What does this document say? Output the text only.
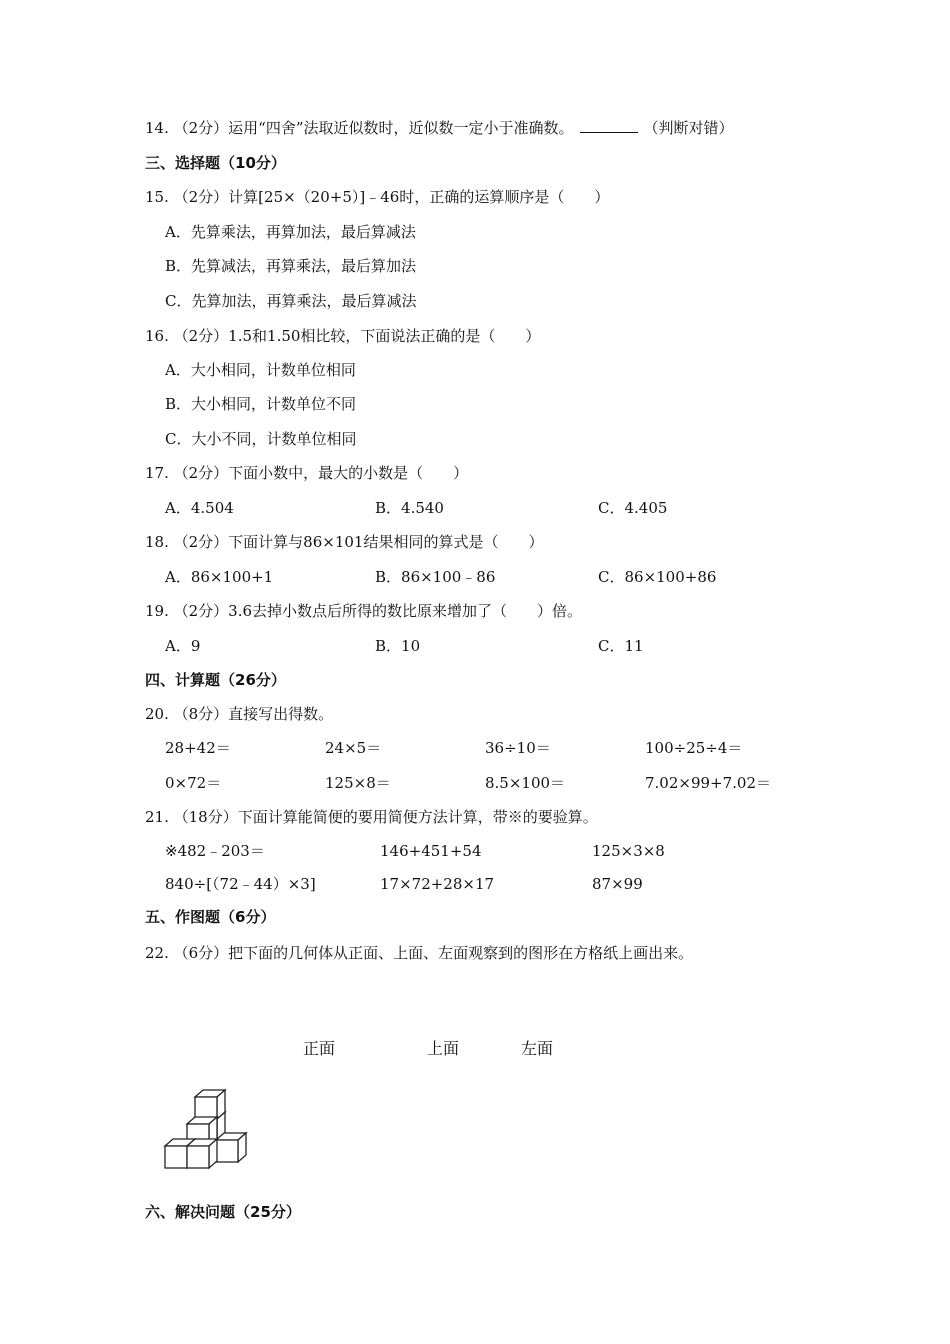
14. （2分）运用“四舍”法取近似数时，近似数一定小于准确数。	（判断对错）
三、选择题（10分）
15. （2分）计算[25×（20+5）]﹣46时，正确的运算顺序是（　　）
A．先算乘法，再算加法，最后算减法
B．先算减法，再算乘法，最后算加法
C．先算加法，再算乘法，最后算减法
16. （2分）1.5和1.50相比较，下面说法正确的是（　　）
A．大小相同，计数单位相同
B．大小相同，计数单位不同
C．大小不同，计数单位相同
17. （2分）下面小数中，最大的小数是（　　）
A．4.504	B．4.540	C．4.405
18. （2分）下面计算与86×101结果相同的算式是（　　）
A．86×100+1	B．86×100﹣86	C．86×100+86
19. （2分）3.6去掉小数点后所得的数比原来增加了（　　）倍。
A．9	B．10	C．11
四、计算题（26分）
20. （8分）直接写出得数。
28+42＝	24×5＝	36÷10＝	100÷25÷4＝
0×72＝	125×8＝	8.5×100＝	7.02×99+7.02＝
21. （18分）下面计算能简便的要用简便方法计算，带※的要验算。
※482﹣203＝	146+451+54	125×3×8
840÷[（72﹣44）×3]	17×72+28×17	87×99
五、作图题（6分）
22. （6分）把下面的几何体从正面、上面、左面观察到的图形在方格纸上画出来。
正面	上面	左面
六、解决问题（25分）
